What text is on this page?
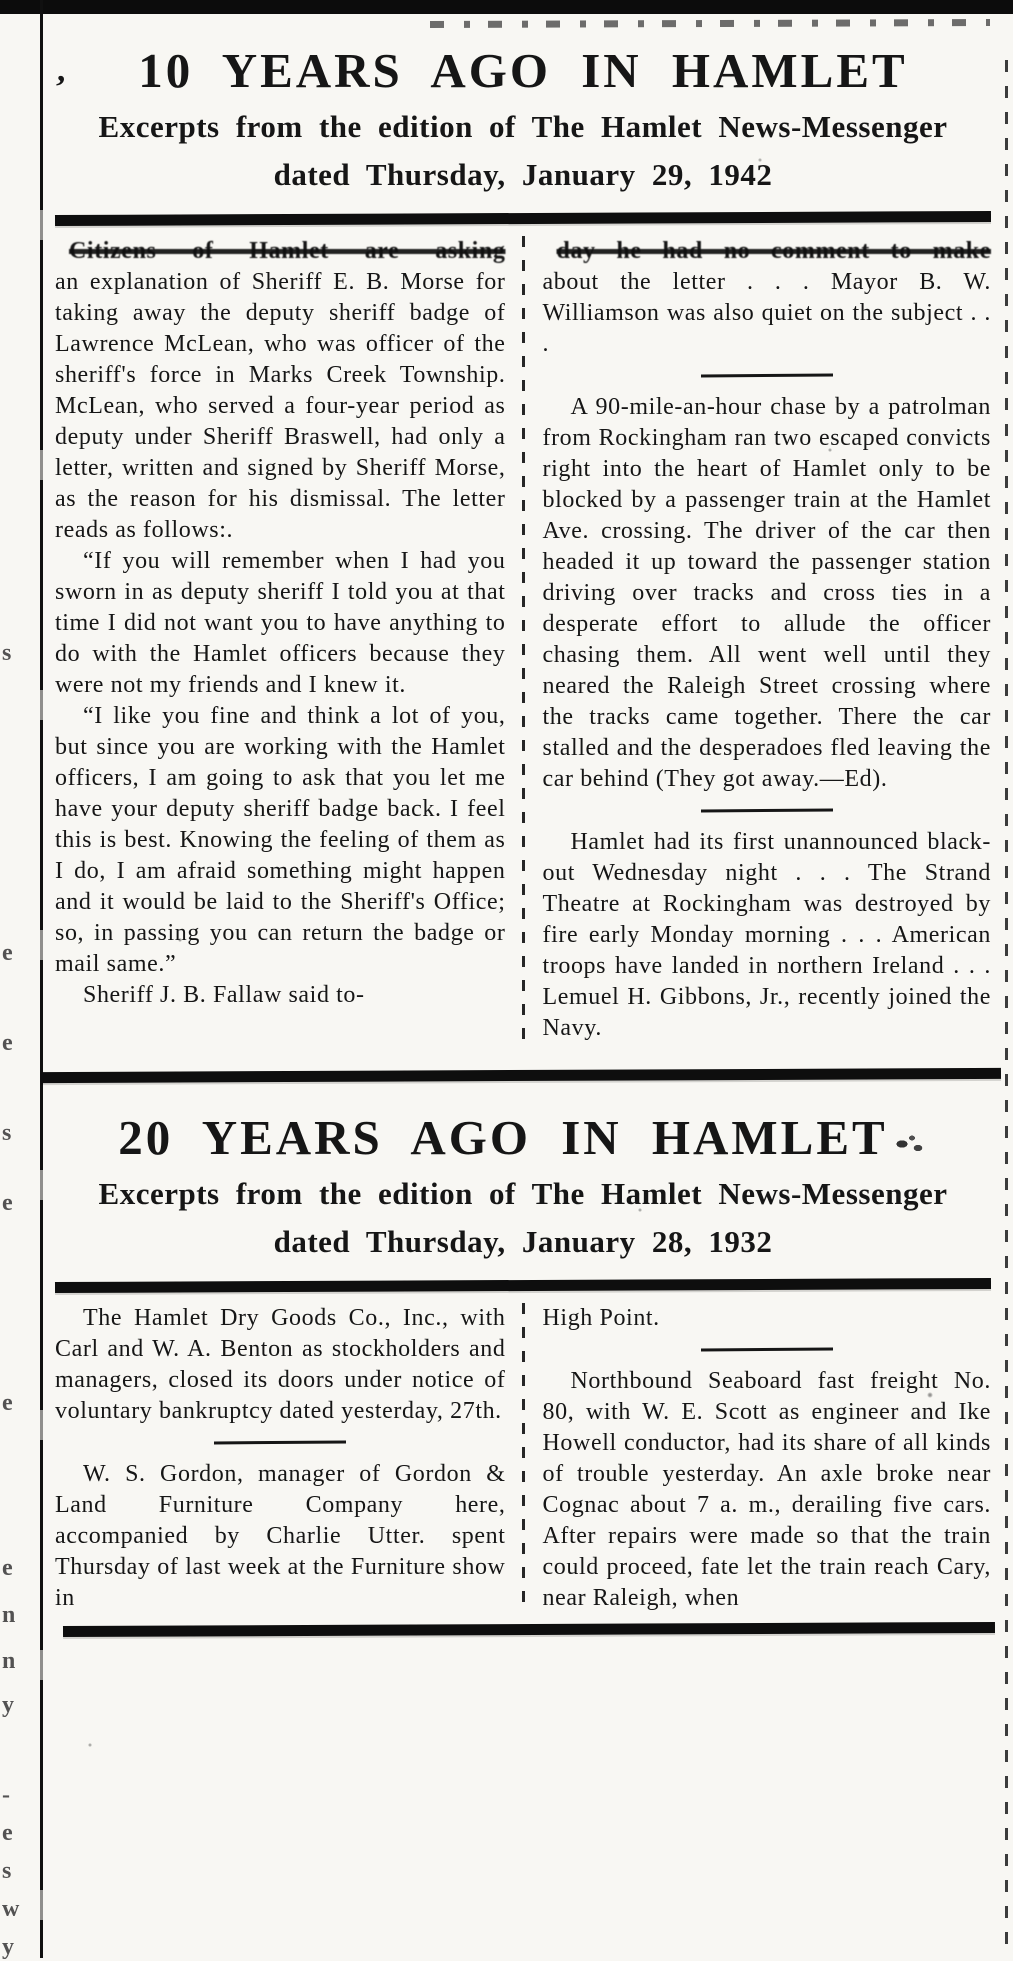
s
e
e
s
e
e
e
n
n
y
-
e
s
w
y
,	10 YEARS AGO IN HAMLET
Excerpts from the edition of The Hamlet News-Messenger
dated Thursday, January 29, 1942

Citizens of Hamlet are asking

an explanation of Sheriff E. B. Morse for taking away the deputy sheriff badge of Lawrence McLean, who was officer of the sheriff's force in Marks Creek Township. McLean, who served a four-year period as deputy under Sheriff Braswell, had only a letter, written and signed by Sheriff Morse, as the reason for his dismissal. The letter reads as follows:.

“If you will remember when I had you sworn in as deputy sheriff I told you at that time I did not want you to have anything to do with the Hamlet officers because they were not my friends and I knew it.

“I like you fine and think a lot of you, but since you are working with the Hamlet officers, I am going to ask that you let me have your deputy sheriff badge back. I feel this is best. Knowing the feeling of them as I do, I am afraid something might happen and it would be laid to the Sheriff's Office; so, in passing you can return the badge or mail same.”

Sheriff J. B. Fallaw said to-

day he had no comment to make

about the letter . . . Mayor B. W. Williamson was also quiet on the subject . . .

A 90-mile-an-hour chase by a patrolman from Rockingham ran two escaped convicts right into the heart of Hamlet only to be blocked by a passenger train at the Hamlet Ave. crossing. The driver of the car then headed it up toward the passenger station driving over tracks and cross ties in a desperate effort to allude the officer chasing them. All went well until they neared the Raleigh Street crossing where the tracks came together. There the car stalled and the desperadoes fled leaving the car behind (They got away.—Ed).

Hamlet had its first unannounced black-out Wednesday night . . . The Strand Theatre at Rockingham was destroyed by fire early Monday morning . . . American troops have landed in northern Ireland . . . Lemuel H. Gibbons, Jr., recently joined the Navy.

20 YEARS AGO IN HAMLET
Excerpts from the edition of The Hamlet News-Messenger
dated Thursday, January 28, 1932

The Hamlet Dry Goods Co., Inc., with Carl and W. A. Benton as stockholders and managers, closed its doors under notice of voluntary bankruptcy dated yesterday, 27th.

W. S. Gordon, manager of Gordon & Land Furniture Company here, accompanied by Charlie Utter. spent Thursday of last week at the Furniture show in

High Point.

Northbound Seaboard fast freight No. 80, with W. E. Scott as engineer and Ike Howell conductor, had its share of all kinds of trouble yesterday. An axle broke near Cognac about 7 a. m., derailing five cars. After repairs were made so that the train could proceed, fate let the train reach Cary, near Raleigh, when
